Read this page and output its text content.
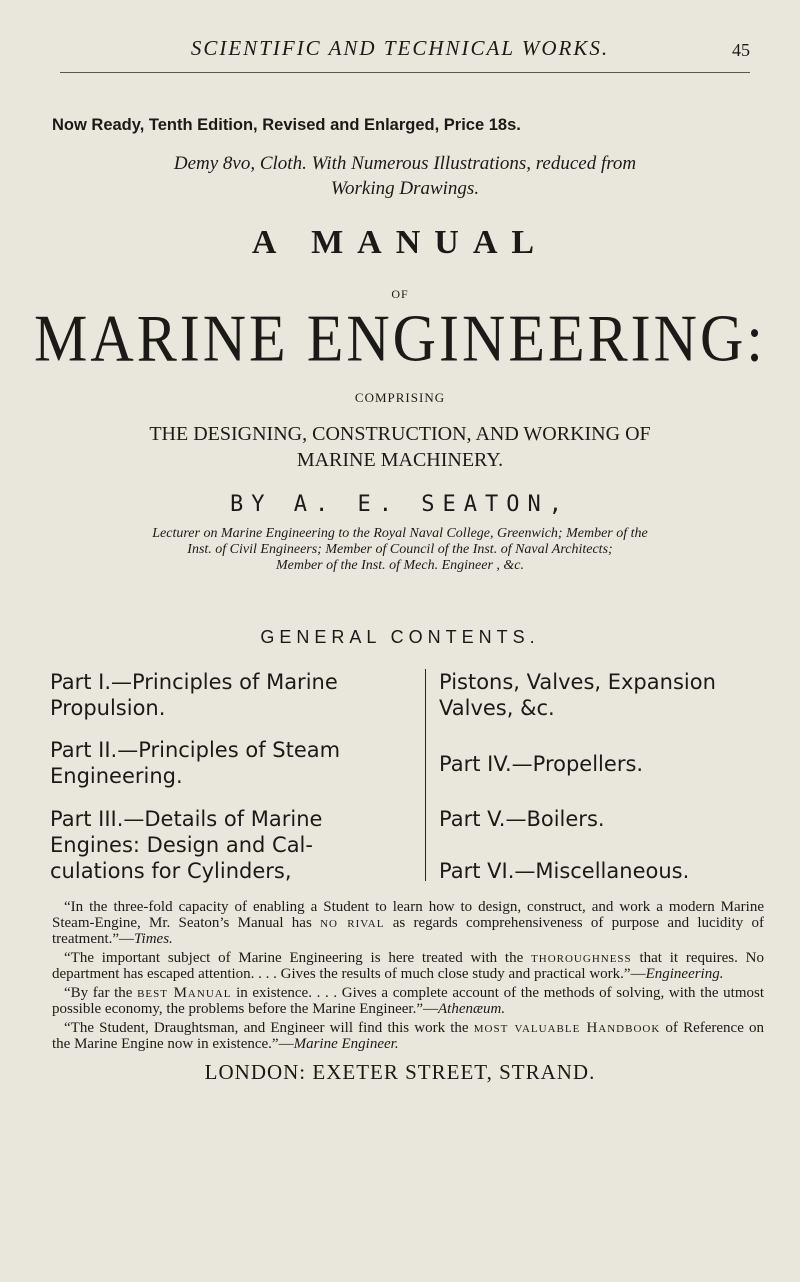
SCIENTIFIC AND TECHNICAL WORKS.	45
Now Ready, Tenth Edition, Revised and Enlarged, Price 18s.
Demy 8vo, Cloth. With Numerous Illustrations, reduced from
Working Drawings.
A MANUAL
OF
MARINE ENGINEERING:
COMPRISING
THE DESIGNING, CONSTRUCTION, AND WORKING OF
MARINE MACHINERY.
BY A. E. SEATON,
Lecturer on Marine Engineering to the Royal Naval College, Greenwich; Member of the
Inst. of Civil Engineers; Member of Council of the Inst. of Naval Architects;
Member of the Inst. of Mech. Engineer , &c.
GENERAL CONTENTS.
Part I.—Principles of Marine
Propulsion.
Part II.—Principles of Steam
Engineering.
Part III.—Details of Marine
Engines: Design and Cal-
culations for Cylinders,
Pistons, Valves, Expansion
Valves, &c.
Part IV.—Propellers.
Part V.—Boilers.
Part VI.—Miscellaneous.

“In the three-fold capacity of enabling a Student to learn how to design, construct, and work a modern Marine Steam-Engine, Mr. Seaton’s Manual has no rival as regards comprehensiveness of purpose and lucidity of treatment.”—Times.

“The important subject of Marine Engineering is here treated with the thoroughness that it requires. No department has escaped attention. . . . Gives the results of much close study and practical work.”—Engineering.

“By far the best Manual in existence. . . . Gives a complete account of the methods of solving, with the utmost possible economy, the problems before the Marine Engineer.”—Athenæum.

“The Student, Draughtsman, and Engineer will find this work the most valuable Handbook of Reference on the Marine Engine now in existence.”—Marine Engineer.

LONDON: EXETER STREET, STRAND.
